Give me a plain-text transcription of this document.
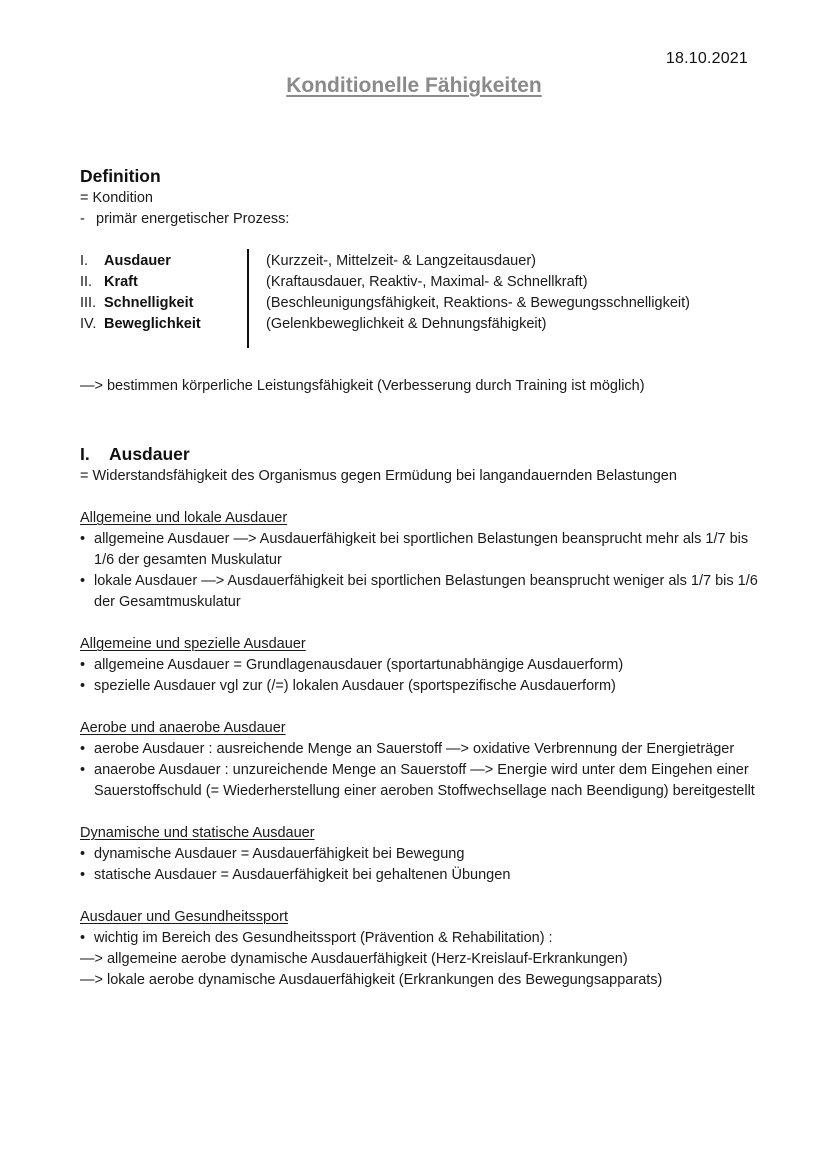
18.10.2021
Konditionelle Fähigkeiten
Definition
= Kondition
- primär energetischer Prozess:
I.	Ausdauer	(Kurzzeit-, Mittelzeit- & Langzeitausdauer)
II. Kraft	(Kraftausdauer, Reaktiv-, Maximal- & Schnellkraft)
III. Schnelligkeit	(Beschleunigungsfähigkeit, Reaktions- & Bewegungsschnelligkeit)
IV. Beweglichkeit	(Gelenkbeweglichkeit & Dehnungsfähigkeit)
—> bestimmen körperliche Leistungsfähigkeit (Verbesserung durch Training ist möglich)
I.	Ausdauer
= Widerstandsfähigkeit des Organismus gegen Ermüdung bei langandauernden Belastungen
Allgemeine und lokale Ausdauer
• allgemeine Ausdauer —> Ausdauerfähigkeit bei sportlichen Belastungen beansprucht mehr als 1/7 bis 1/6 der gesamten Muskulatur
• lokale Ausdauer —> Ausdauerfähigkeit bei sportlichen Belastungen beansprucht weniger als 1/7 bis 1/6 der Gesamtmuskulatur
Allgemeine und spezielle Ausdauer
• allgemeine Ausdauer = Grundlagenausdauer (sportartunabhängige Ausdauerform)
• spezielle Ausdauer vgl zur (/=) lokalen Ausdauer (sportspezifische Ausdauerform)
Aerobe und anaerobe Ausdauer
• aerobe Ausdauer : ausreichende Menge an Sauerstoff —> oxidative Verbrennung der Energieträger
• anaerobe Ausdauer : unzureichende Menge an Sauerstoff —> Energie wird unter dem Eingehen einer Sauerstoffschuld (= Wiederherstellung einer aeroben Stoffwechsellage nach Beendigung) bereitgestellt
Dynamische und statische Ausdauer
• dynamische Ausdauer = Ausdauerfähigkeit bei Bewegung
• statische Ausdauer = Ausdauerfähigkeit bei gehaltenen Übungen
Ausdauer und Gesundheitssport
• wichtig im Bereich des Gesundheitssport (Prävention & Rehabilitation) :
—> allgemeine aerobe dynamische Ausdauerfähigkeit (Herz-Kreislauf-Erkrankungen)
—> lokale aerobe dynamische Ausdauerfähigkeit (Erkrankungen des Bewegungsapparats)
